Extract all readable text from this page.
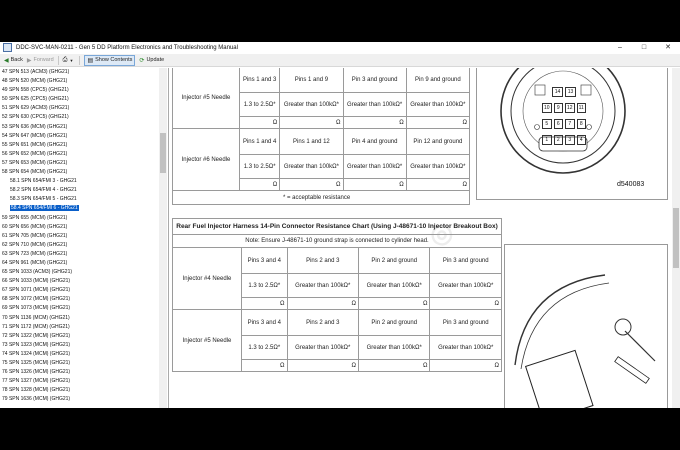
DDC-SVC-MAN-0211 - Gen 5 DD Platform Electronics and Troubleshooting Manual	–	□	✕
◀ Back ▶ Forward ⎙ ▼ ▤ Show Contents ⟳ Update
47 SPN 513 (ACM3) (GHG21)
48 SPN 520 (MCM) (GHG21)
49 SPN 558 (CPC5) (GHG21)
50 SPN 625 (CPC5) (GHG21)
51 SPN 629 (ACM3) (GHG21)
52 SPN 630 (CPC5) (GHG21)
53 SPN 636 (MCM) (GHG21)
54 SPN 647 (MCM) (GHG21)
55 SPN 651 (MCM) (GHG21)
56 SPN 652 (MCM) (GHG21)
57 SPN 653 (MCM) (GHG21)
58 SPN 654 (MCM) (GHG21)
58.1 SPN 654/FMI 3 - GHG21
58.2 SPN 654/FMI 4 - GHG21
58.3 SPN 654/FMI 5 - GHG21
58.4 SPN 654/FMI 6 - GHG21
59 SPN 655 (MCM) (GHG21)
60 SPN 656 (MCM) (GHG21)
61 SPN 705 (MCM) (GHG21)
62 SPN 710 (MCM) (GHG21)
63 SPN 723 (MCM) (GHG21)
64 SPN 961 (MCM) (GHG21)
65 SPN 1033 (ACM3) (GHG21)
66 SPN 1033 (MCM) (GHG21)
67 SPN 1071 (MCM) (GHG21)
68 SPN 1072 (MCM) (GHG21)
69 SPN 1073 (MCM) (GHG21)
70 SPN 1136 (MCM) (GHG21)
71 SPN 1172 (MCM) (GHG21)
72 SPN 1322 (MCM) (GHG21)
73 SPN 1323 (MCM) (GHG21)
74 SPN 1324 (MCM) (GHG21)
75 SPN 1325 (MCM) (GHG21)
76 SPN 1326 (MCM) (GHG21)
77 SPN 1327 (MCM) (GHG21)
78 SPN 1328 (MCM) (GHG21)
79 SPN 1636 (MCM) (GHG21)
Injector #5 Needle	Pins 1 and 3	Pins 1 and 9	Pin 3 and ground	Pin 9 and ground
	1.3 to 2.5Ω*	Greater than 100kΩ*	Greater than 100kΩ*	Greater than 100kΩ*
	Ω	Ω	Ω	Ω
Injector #6 Needle	Pins 1 and 4	Pins 1 and 12	Pin 4 and ground	Pin 12 and ground
	1.3 to 2.5Ω*	Greater than 100kΩ*	Greater than 100kΩ*	Greater than 100kΩ*
	Ω	Ω	Ω	Ω
* = acceptable resistance				
14	13
10	9	12	11
5	6	7	8
1	2	3	4
d540083
◎
Rear Fuel Injector Harness 14-Pin Connector Resistance Chart (Using J-48671-10 Injector Breakout Box)				
Note: Ensure J-48671-10 ground strap is connected to cylinder head.				
Injector #4 Needle	Pins 3 and 4	Pins 2 and 3	Pin 2 and ground	Pin 3 and ground
	1.3 to 2.5Ω*	Greater than 100kΩ*	Greater than 100kΩ*	Greater than 100kΩ*
	Ω	Ω	Ω	Ω
Injector #5 Needle	Pins 3 and 4	Pins 2 and 3	Pin 2 and ground	Pin 3 and ground
	1.3 to 2.5Ω*	Greater than 100kΩ*	Greater than 100kΩ*	Greater than 100kΩ*
	Ω	Ω	Ω	Ω
